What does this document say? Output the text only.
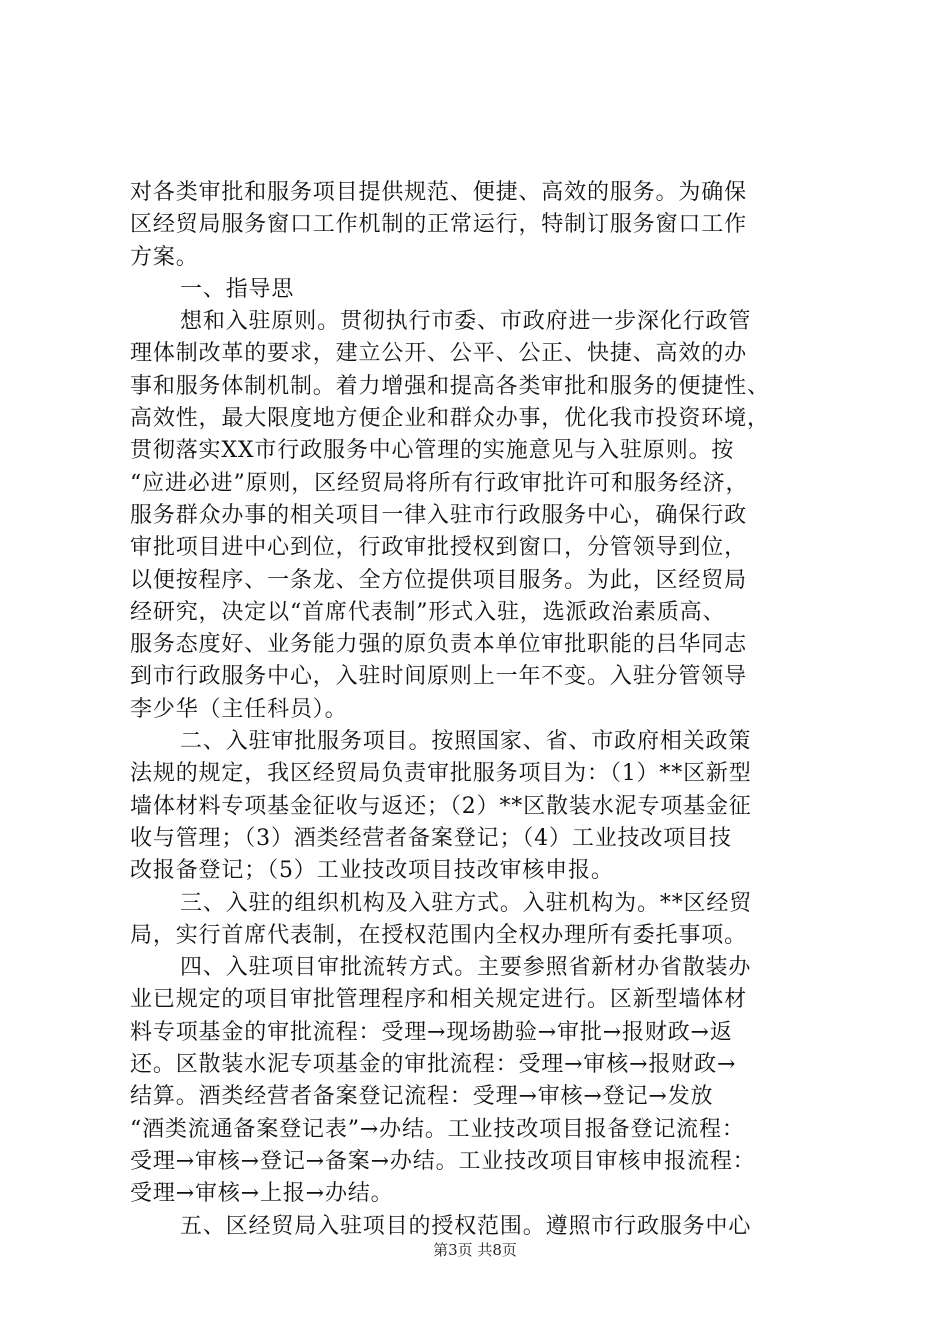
对各类审批和服务项目提供规范、便捷、高效的服务。为确保
区经贸局服务窗口工作机制的正常运行，特制订服务窗口工作
方案。
一、指导思
想和入驻原则。贯彻执行市委、市政府进一步深化行政管
理体制改革的要求，建立公开、公平、公正、快捷、高效的办
事和服务体制机制。着力增强和提高各类审批和服务的便捷性、
高效性，最大限度地方便企业和群众办事，优化我市投资环境，
贯彻落实XX市行政服务中心管理的实施意见与入驻原则。按
“应进必进”原则，区经贸局将所有行政审批许可和服务经济，
服务群众办事的相关项目一律入驻市行政服务中心，确保行政
审批项目进中心到位，行政审批授权到窗口，分管领导到位，
以便按程序、一条龙、全方位提供项目服务。为此，区经贸局
经研究，决定以“首席代表制”形式入驻，选派政治素质高、
服务态度好、业务能力强的原负责本单位审批职能的吕华同志
到市行政服务中心，入驻时间原则上一年不变。入驻分管领导
李少华（主任科员）。
二、入驻审批服务项目。按照国家、省、市政府相关政策
法规的规定，我区经贸局负责审批服务项目为：（1）**区新型
墙体材料专项基金征收与返还；（2）**区散装水泥专项基金征
收与管理；（3）酒类经营者备案登记；（4）工业技改项目技
改报备登记；（5）工业技改项目技改审核申报。
三、入驻的组织机构及入驻方式。入驻机构为。**区经贸
局，实行首席代表制，在授权范围内全权办理所有委托事项。
四、入驻项目审批流转方式。主要参照省新材办省散装办
业已规定的项目审批管理程序和相关规定进行。区新型墙体材
料专项基金的审批流程：受理→现场勘验→审批→报财政→返
还。区散装水泥专项基金的审批流程：受理→审核→报财政→
结算。酒类经营者备案登记流程：受理→审核→登记→发放
“酒类流通备案登记表”→办结。工业技改项目报备登记流程：
受理→审核→登记→备案→办结。工业技改项目审核申报流程：
受理→审核→上报→办结。
五、区经贸局入驻项目的授权范围。遵照市行政服务中心
第3页 共8页
